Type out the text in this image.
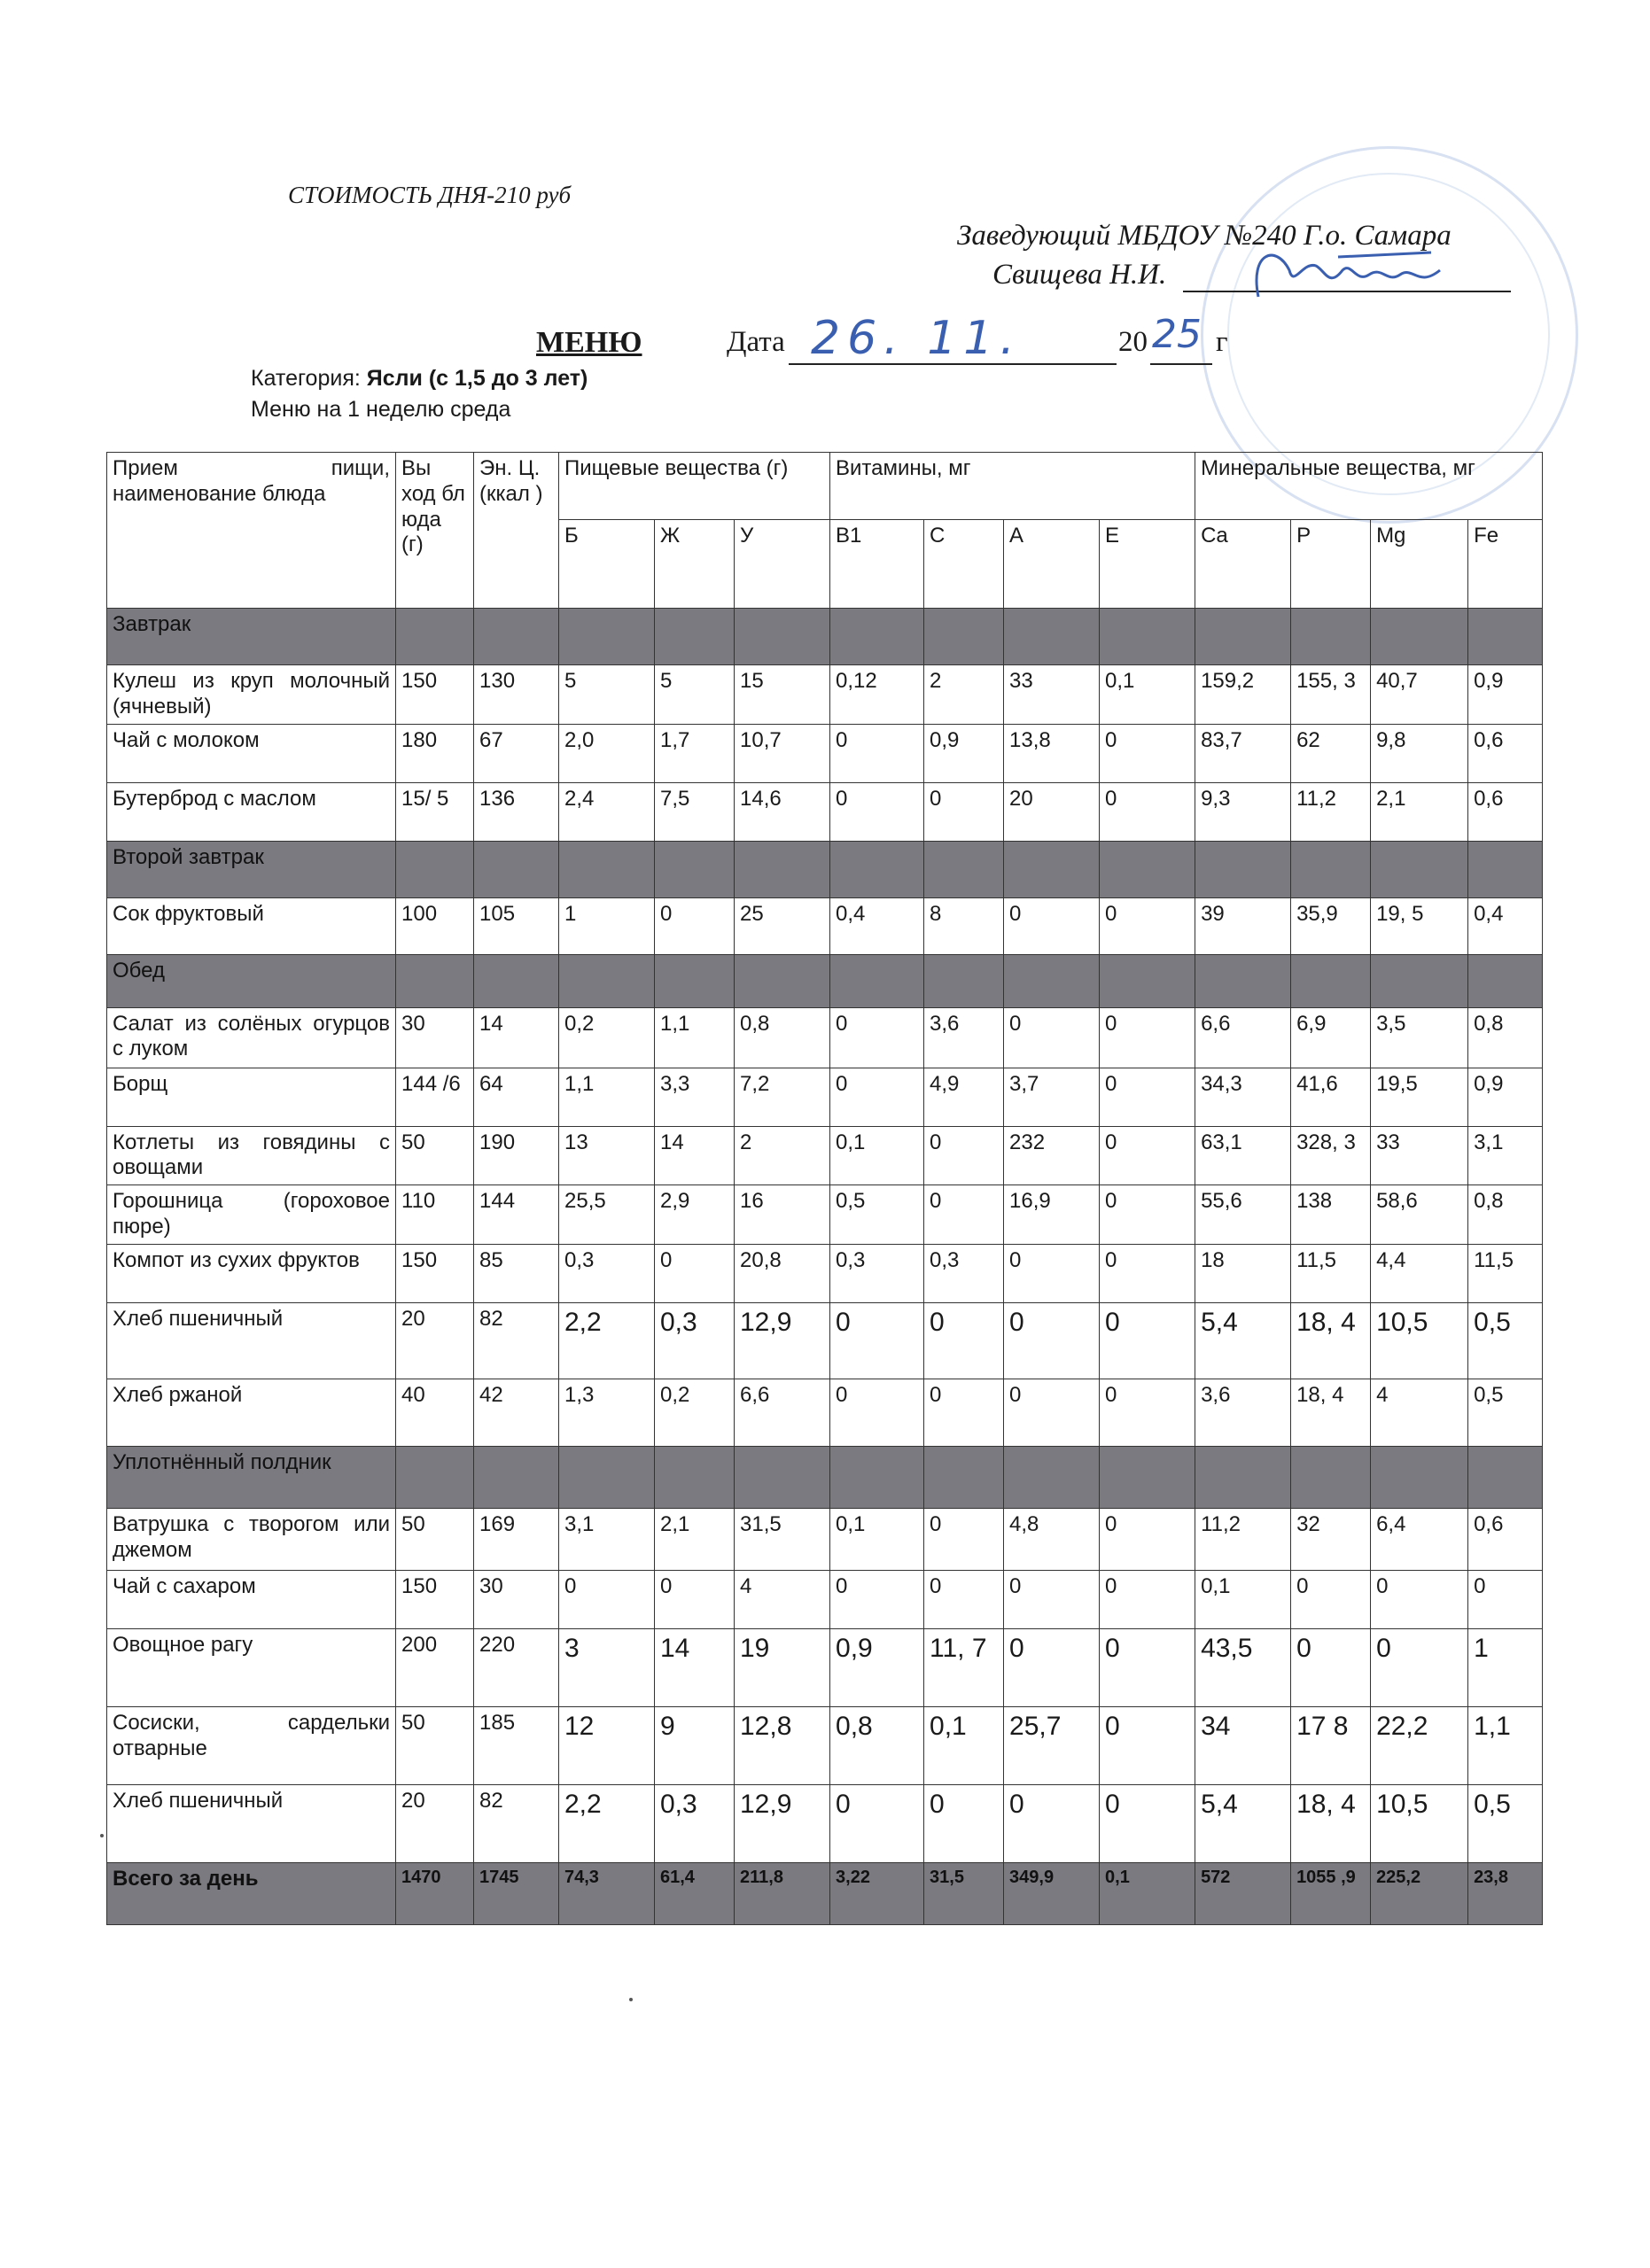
СТОИМОСТЬ ДНЯ-210 руб
Заведующий МБДОУ №240 Г.о. Самара
Свищева Н.И.
МЕНЮ	Дата 26. 11.	20 25 г
Категория: Ясли (с 1,5 до 3 лет)
Меню на 1 неделю среда
Прием пищи, наименование блюда	Вы ход бл юда (г)	Эн. Ц. (ккал )	Пищевые вещества (г)			Витамины, мг				Минеральные вещества, мг			
			Б	Ж	У	В1	С	А	Е	Ca	P	Mg	Fe
Завтрак													
Кулеш из круп молочный (ячневый)	150	130	5	5	15	0,12	2	33	0,1	159,2	155, 3	40,7	0,9
Чай с молоком	180	67	2,0	1,7	10,7	0	0,9	13,8	0	83,7	62	9,8	0,6
Бутерброд с маслом	15/ 5	136	2,4	7,5	14,6	0	0	20	0	9,3	11,2	2,1	0,6
Второй завтрак													
Сок фруктовый	100	105	1	0	25	0,4	8	0	0	39	35,9	19, 5	0,4
Обед													
Салат из солёных огурцов с луком	30	14	0,2	1,1	0,8	0	3,6	0	0	6,6	6,9	3,5	0,8
Борщ	144 /6	64	1,1	3,3	7,2	0	4,9	3,7	0	34,3	41,6	19,5	0,9
Котлеты из говядины с овощами	50	190	13	14	2	0,1	0	232	0	63,1	328, 3	33	3,1
Горошница (гороховое пюре)	110	144	25,5	2,9	16	0,5	0	16,9	0	55,6	138	58,6	0,8
Компот из сухих фруктов	150	85	0,3	0	20,8	0,3	0,3	0	0	18	11,5	4,4	11,5
Хлеб пшеничный	20	82	2,2	0,3	12,9	0	0	0	0	5,4	18, 4	10,5	0,5
Хлеб ржаной	40	42	1,3	0,2	6,6	0	0	0	0	3,6	18, 4	4	0,5
Уплотнённый полдник													
Ватрушка с творогом или джемом	50	169	3,1	2,1	31,5	0,1	0	4,8	0	11,2	32	6,4	0,6
Чай с сахаром	150	30	0	0	4	0	0	0	0	0,1	0	0	0
Овощное рагу	200	220	3	14	19	0,9	11, 7	0	0	43,5	0	0	1
Сосиски, сардельки отварные	50	185	12	9	12,8	0,8	0,1	25,7	0	34	17 8	22,2	1,1
Хлеб пшеничный	20	82	2,2	0,3	12,9	0	0	0	0	5,4	18, 4	10,5	0,5
Всего за день	1470	1745	74,3	61,4	211,8	3,22	31,5	349,9	0,1	572	1055 ,9	225,2	23,8
